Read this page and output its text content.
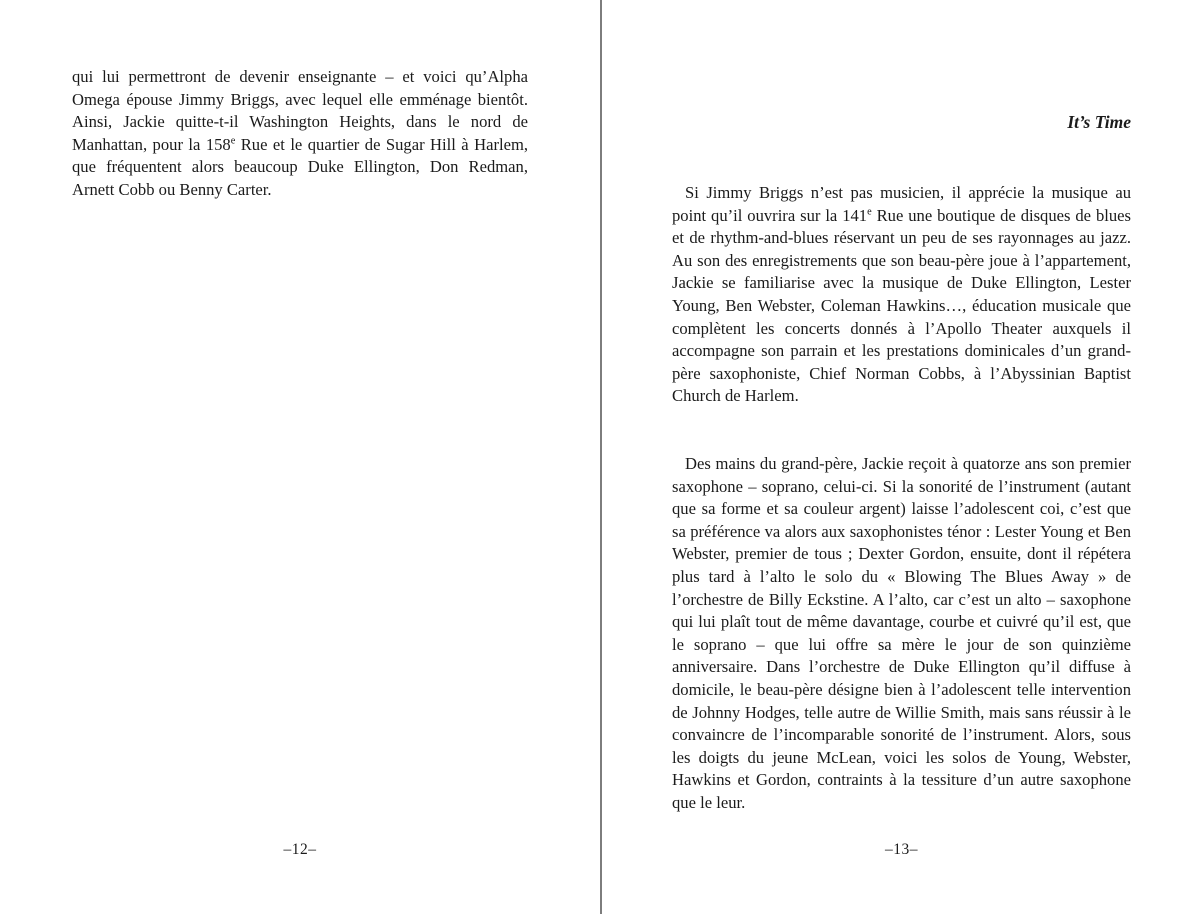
qui lui permettront de devenir enseignante – et voici qu’Alpha Omega épouse Jimmy Briggs, avec lequel elle emménage bientôt. Ainsi, Jackie quitte-t-il Washington Heights, dans le nord de Manhattan, pour la 158e Rue et le quartier de Sugar Hill à Harlem, que fréquentent alors beaucoup Duke Ellington, Don Redman, Arnett Cobb ou Benny Carter.

–12–

It’s Time

Si Jimmy Briggs n’est pas musicien, il apprécie la musique au point qu’il ouvrira sur la 141e Rue une boutique de disques de blues et de rhythm-and-blues réservant un peu de ses rayonnages au jazz. Au son des enregistrements que son beau-père joue à l’appartement, Jackie se familiarise avec la musique de Duke Ellington, Lester Young, Ben Webster, Coleman Hawkins…, éducation musicale que complètent les concerts donnés à l’Apollo Theater auxquels il accompagne son parrain et les prestations dominicales d’un grand-père saxophoniste, Chief Norman Cobbs, à l’Abyssinian Baptist Church de Harlem.

Des mains du grand-père, Jackie reçoit à quatorze ans son premier saxophone – soprano, celui-ci. Si la sonorité de l’instrument (autant que sa forme et sa couleur argent) laisse l’adolescent coi, c’est que sa préférence va alors aux saxophonistes ténor : Lester Young et Ben Webster, premier de tous ; Dexter Gordon, ensuite, dont il répétera plus tard à l’alto le solo du « Blowing The Blues Away » de l’orchestre de Billy Eckstine. A l’alto, car c’est un alto – saxophone qui lui plaît tout de même davantage, courbe et cuivré qu’il est, que le soprano – que lui offre sa mère le jour de son quinzième anniversaire. Dans l’orchestre de Duke Ellington qu’il diffuse à domicile, le beau-père désigne bien à l’adolescent telle intervention de Johnny Hodges, telle autre de Willie Smith, mais sans réussir à le convaincre de l’incomparable sonorité de l’instrument. Alors, sous les doigts du jeune McLean, voici les solos de Young, Webster, Hawkins et Gordon, contraints à la tessiture d’un autre saxophone que le leur.

–13–
